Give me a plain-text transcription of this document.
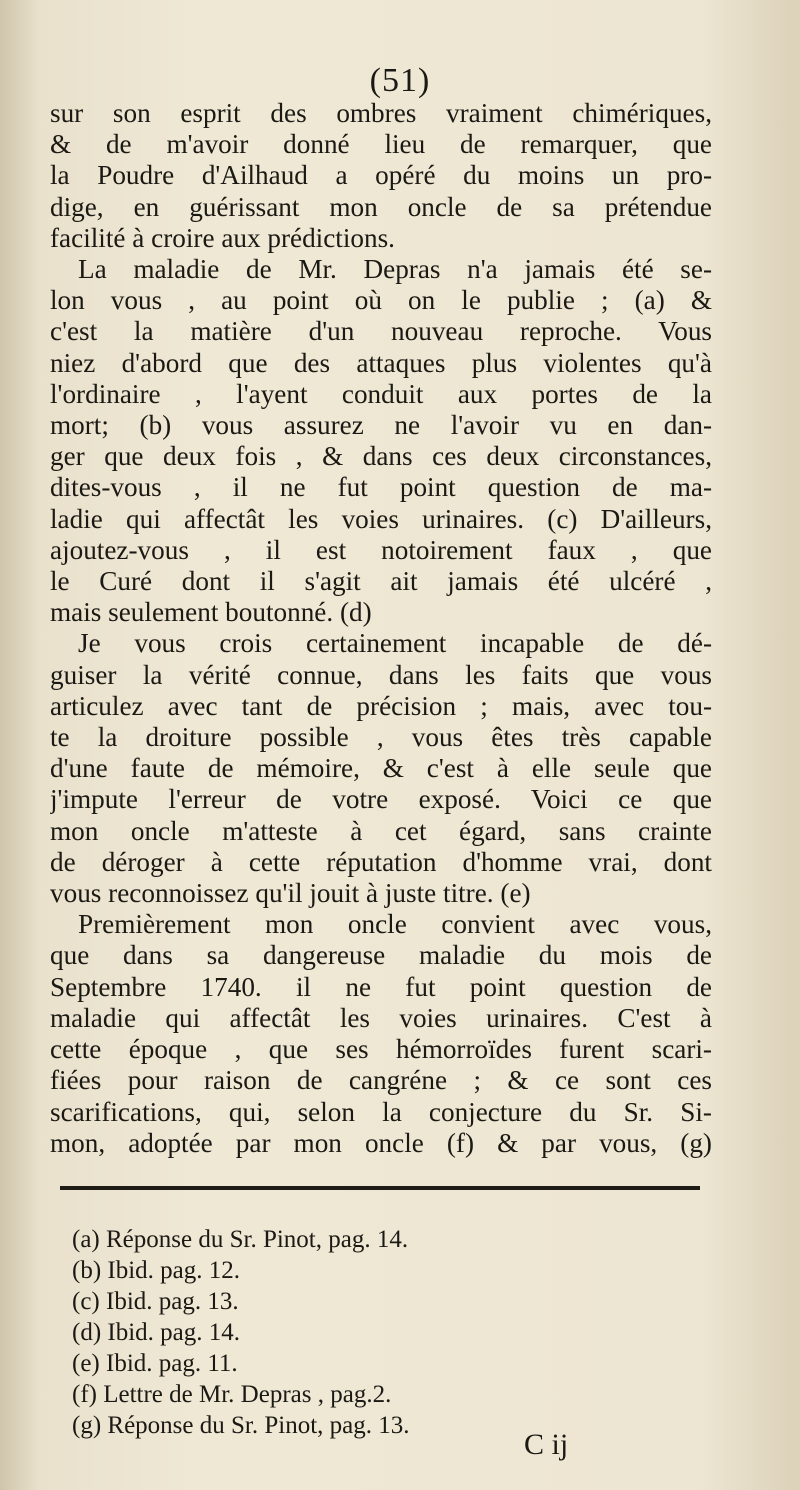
(51)
sur son esprit des ombres vraiment chimériques,
& de m'avoir donné lieu de remarquer, que
la Poudre d'Ailhaud a opéré du moins un pro-
dige, en guérissant mon oncle de sa prétendue
facilité à croire aux prédictions.
La maladie de Mr. Depras n'a jamais été se-
lon vous , au point où on le publie ; (a) &
c'est la matière d'un nouveau reproche. Vous
niez d'abord que des attaques plus violentes qu'à
l'ordinaire , l'ayent conduit aux portes de la
mort; (b) vous assurez ne l'avoir vu en dan-
ger que deux fois , & dans ces deux circonstances,
dites-vous , il ne fut point question de ma-
ladie qui affectât les voies urinaires. (c) D'ailleurs,
ajoutez-vous , il est notoirement faux , que
le Curé dont il s'agit ait jamais été ulcéré ,
mais seulement boutonné. (d)
Je vous crois certainement incapable de dé-
guiser la vérité connue, dans les faits que vous
articulez avec tant de précision ; mais, avec tou-
te la droiture possible , vous êtes très capable
d'une faute de mémoire, & c'est à elle seule que
j'impute l'erreur de votre exposé. Voici ce que
mon oncle m'atteste à cet égard, sans crainte
de déroger à cette réputation d'homme vrai, dont
vous reconnoissez qu'il jouit à juste titre. (e)
Premièrement mon oncle convient avec vous,
que dans sa dangereuse maladie du mois de
Septembre 1740. il ne fut point question de
maladie qui affectât les voies urinaires. C'est à
cette époque , que ses hémorroïdes furent scari-
fiées pour raison de cangréne ; & ce sont ces
scarifications, qui, selon la conjecture du Sr. Si-
mon, adoptée par mon oncle (f) & par vous, (g)
(a) Réponse du Sr. Pinot, pag. 14.
(b) Ibid. pag. 12.
(c) Ibid. pag. 13.
(d) Ibid. pag. 14.
(e) Ibid. pag. 11.
(f) Lettre de Mr. Depras , pag.2.
(g) Réponse du Sr. Pinot, pag. 13.
C ij
